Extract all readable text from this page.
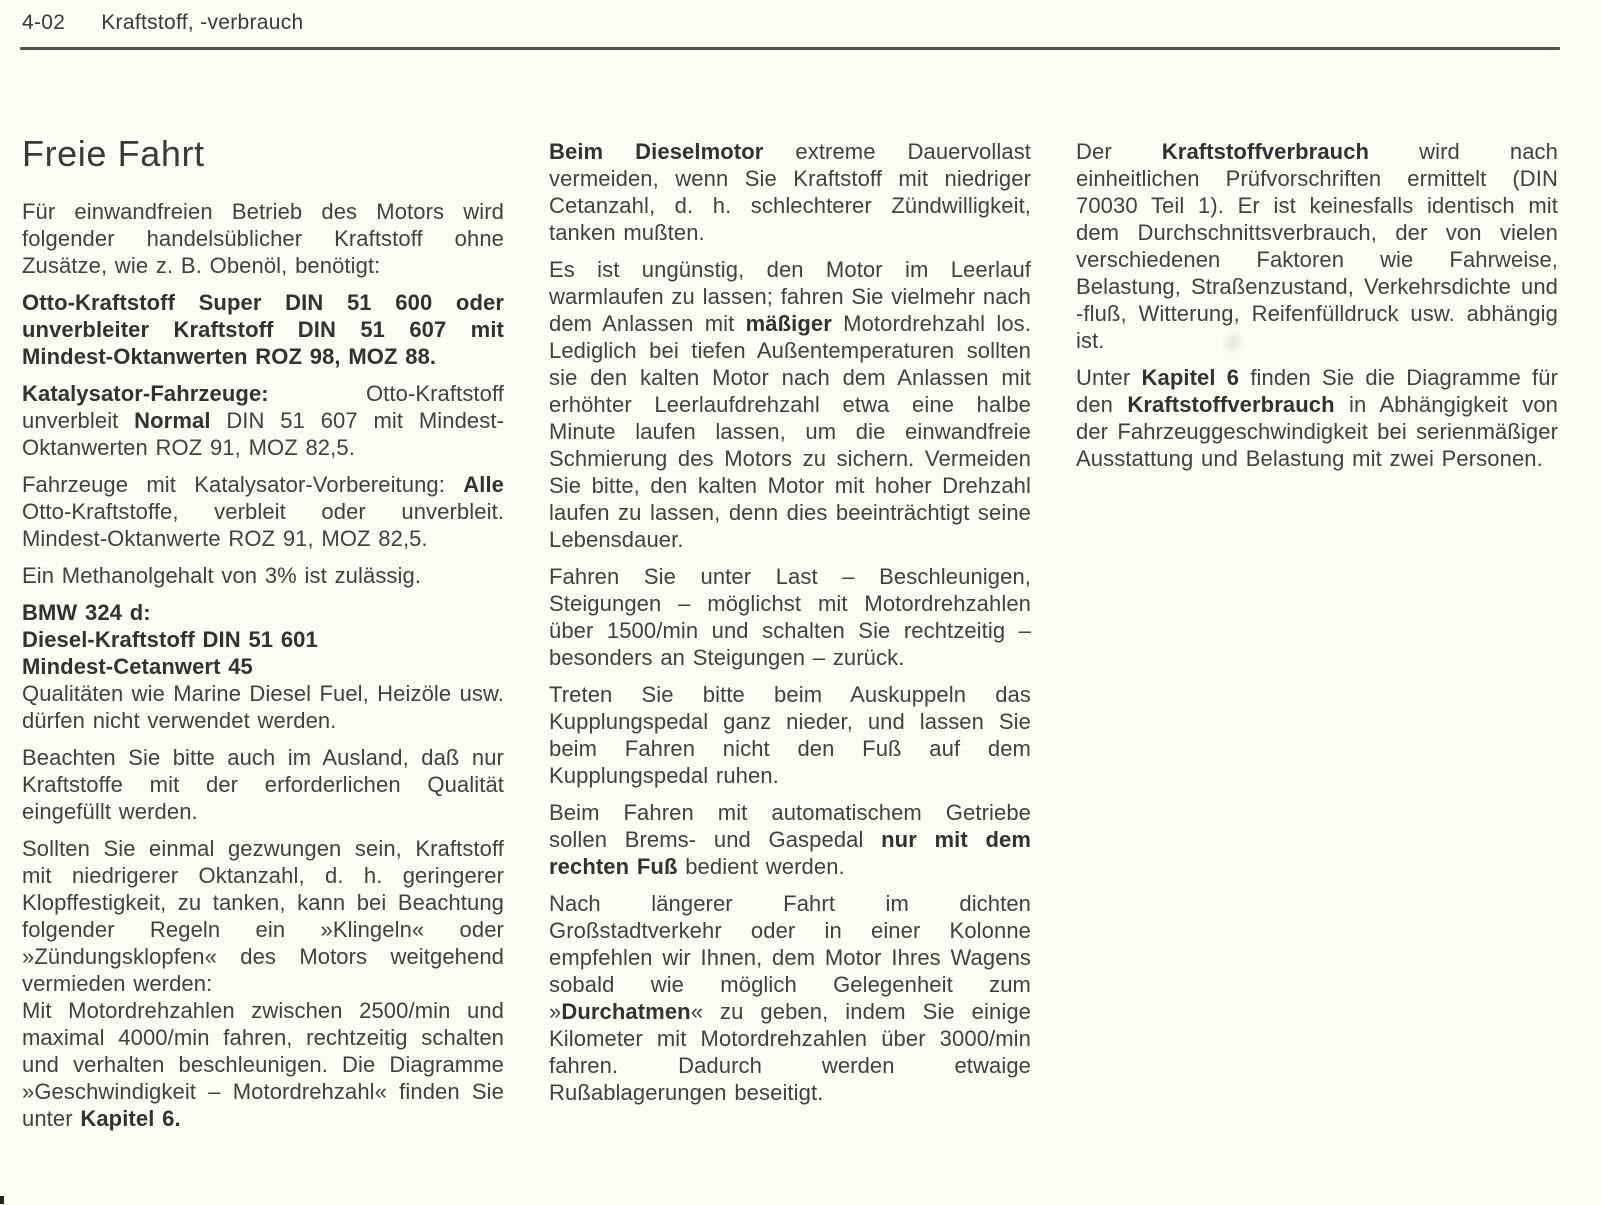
4-02 Kraftstoff, -verbrauch
Freie Fahrt

Für einwandfreien Betrieb des Motors wird folgender handelsüblicher Kraftstoff ohne Zusätze, wie z. B. Obenöl, benötigt:

Otto-Kraftstoff Super DIN 51 600 oder unverbleiter Kraftstoff DIN 51 607 mit Mindest-Oktanwerten ROZ 98, MOZ 88.

Katalysator-Fahrzeuge: Otto-Kraftstoff unverbleit Normal DIN 51 607 mit Mindest-Oktanwerten ROZ 91, MOZ 82,5.

Fahrzeuge mit Katalysator-Vorbereitung: Alle Otto-Kraftstoffe, verbleit oder unverbleit. Mindest-Oktanwerte ROZ 91, MOZ 82,5.

Ein Methanolgehalt von 3% ist zulässig.

BMW 324 d:
Diesel-Kraftstoff DIN 51 601
Mindest-Cetanwert 45
Qualitäten wie Marine Diesel Fuel, Heizöle usw. dürfen nicht verwendet werden.

Beachten Sie bitte auch im Ausland, daß nur Kraftstoffe mit der erforderlichen Qualität eingefüllt werden.

Sollten Sie einmal gezwungen sein, Kraftstoff mit niedrigerer Oktanzahl, d. h. geringerer Klopffestigkeit, zu tanken, kann bei Beachtung folgender Regeln ein »Klingeln« oder »Zündungsklopfen« des Motors weitgehend vermieden werden:
Mit Motordrehzahlen zwischen 2500/min und maximal 4000/min fahren, rechtzeitig schalten und verhalten beschleunigen. Die Diagramme »Geschwindigkeit – Motordrehzahl« finden Sie unter Kapitel 6.

Beim Dieselmotor extreme Dauervollast vermeiden, wenn Sie Kraftstoff mit niedriger Cetanzahl, d. h. schlechterer Zündwilligkeit, tanken mußten.

Es ist ungünstig, den Motor im Leerlauf warmlaufen zu lassen; fahren Sie vielmehr nach dem Anlassen mit mäßiger Motordrehzahl los. Lediglich bei tiefen Außentemperaturen sollten sie den kalten Motor nach dem Anlassen mit erhöhter Leerlaufdrehzahl etwa eine halbe Minute laufen lassen, um die einwandfreie Schmierung des Motors zu sichern. Vermeiden Sie bitte, den kalten Motor mit hoher Drehzahl laufen zu lassen, denn dies beeinträchtigt seine Lebensdauer.

Fahren Sie unter Last – Beschleunigen, Steigungen – möglichst mit Motordrehzahlen über 1500/min und schalten Sie rechtzeitig – besonders an Steigungen – zurück.

Treten Sie bitte beim Auskuppeln das Kupplungspedal ganz nieder, und lassen Sie beim Fahren nicht den Fuß auf dem Kupplungspedal ruhen.

Beim Fahren mit automatischem Getriebe sollen Brems- und Gaspedal nur mit dem rechten Fuß bedient werden.

Nach längerer Fahrt im dichten Großstadtverkehr oder in einer Kolonne empfehlen wir Ihnen, dem Motor Ihres Wagens sobald wie möglich Gelegenheit zum »Durchatmen« zu geben, indem Sie einige Kilometer mit Motordrehzahlen über 3000/min fahren. Dadurch werden etwaige Rußablagerungen beseitigt.

Der Kraftstoffverbrauch wird nach einheitlichen Prüfvorschriften ermittelt (DIN 70030 Teil 1). Er ist keinesfalls identisch mit dem Durchschnittsverbrauch, der von vielen verschiedenen Faktoren wie Fahrweise, Belastung, Straßenzustand, Verkehrsdichte und -fluß, Witterung, Reifenfülldruck usw. abhängig ist.

Unter Kapitel 6 finden Sie die Diagramme für den Kraftstoffverbrauch in Abhängigkeit von der Fahrzeuggeschwindigkeit bei serienmäßiger Ausstattung und Belastung mit zwei Personen.
